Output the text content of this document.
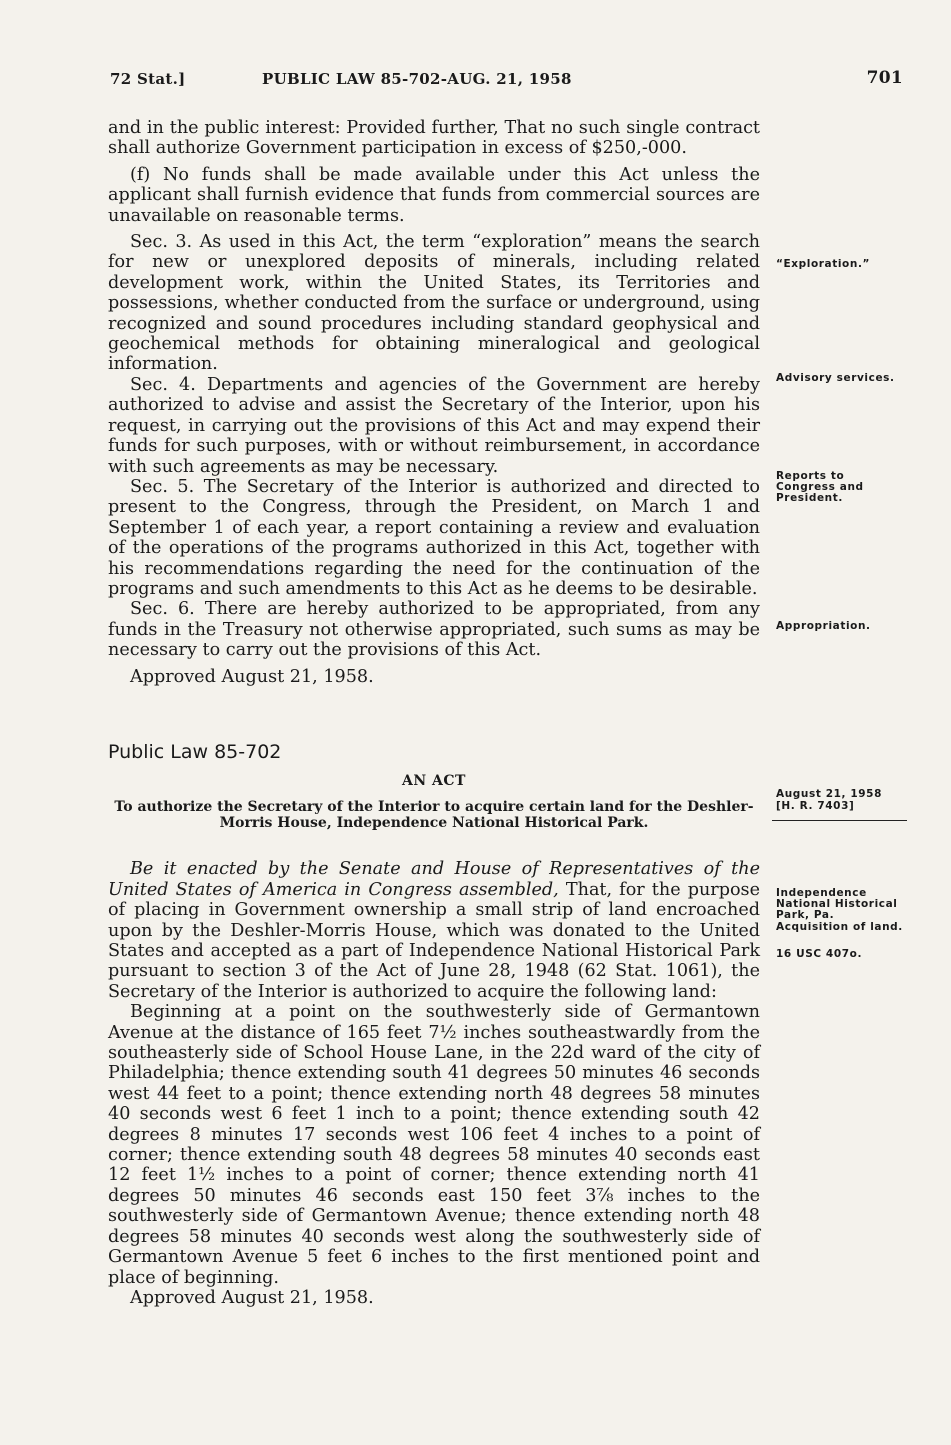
72 Stat.]	PUBLIC LAW 85-702-AUG. 21, 1958	701

and in the public interest: Provided further, That no such single contract shall authorize Government participation in excess of $250,-000.

(f) No funds shall be made available under this Act unless the applicant shall furnish evidence that funds from commercial sources are unavailable on reasonable terms.

Sec. 3. As used in this Act, the term “exploration” means the search for new or unexplored deposits of minerals, including related development work, within the United States, its Territories and possessions, whether conducted from the surface or underground, using recognized and sound procedures including standard geophysical and geochemical methods for obtaining mineralogical and geological information.

Sec. 4. Departments and agencies of the Government are hereby authorized to advise and assist the Secretary of the Interior, upon his request, in carrying out the provisions of this Act and may expend their funds for such purposes, with or without reimbursement, in accordance with such agreements as may be necessary.

Sec. 5. The Secretary of the Interior is authorized and directed to present to the Congress, through the President, on March 1 and September 1 of each year, a report containing a review and evaluation of the operations of the programs authorized in this Act, together with his recommendations regarding the need for the continuation of the programs and such amendments to this Act as he deems to be desirable.

Sec. 6. There are hereby authorized to be appropriated, from any funds in the Treasury not otherwise appropriated, such sums as may be necessary to carry out the provisions of this Act.

Approved August 21, 1958.

Public Law 85-702

AN ACT

To authorize the Secretary of the Interior to acquire certain land for the Deshler-Morris House, Independence National Historical Park.

Be it enacted by the Senate and House of Representatives of the United States of America in Congress assembled, That, for the purpose of placing in Government ownership a small strip of land encroached upon by the Deshler-Morris House, which was donated to the United States and accepted as a part of Independence National Historical Park pursuant to section 3 of the Act of June 28, 1948 (62 Stat. 1061), the Secretary of the Interior is authorized to acquire the following land:

Beginning at a point on the southwesterly side of Germantown Avenue at the distance of 165 feet 7½ inches southeastwardly from the southeasterly side of School House Lane, in the 22d ward of the city of Philadelphia; thence extending south 41 degrees 50 minutes 46 seconds west 44 feet to a point; thence extending north 48 degrees 58 minutes 40 seconds west 6 feet 1 inch to a point; thence extending south 42 degrees 8 minutes 17 seconds west 106 feet 4 inches to a point of corner; thence extending south 48 degrees 58 minutes 40 seconds east 12 feet 1½ inches to a point of corner; thence extending north 41 degrees 50 minutes 46 seconds east 150 feet 3⅞ inches to the southwesterly side of Germantown Avenue; thence extending north 48 degrees 58 minutes 40 seconds west along the southwesterly side of Germantown Avenue 5 feet 6 inches to the first mentioned point and place of beginning.

Approved August 21, 1958.

“Exploration.”

Advisory services.

Reports to Congress and President.

Appropriation.

August 21, 1958

[H. R. 7403]

Independence National Historical Park, Pa.

Acquisition of land.

16 USC 407o.
